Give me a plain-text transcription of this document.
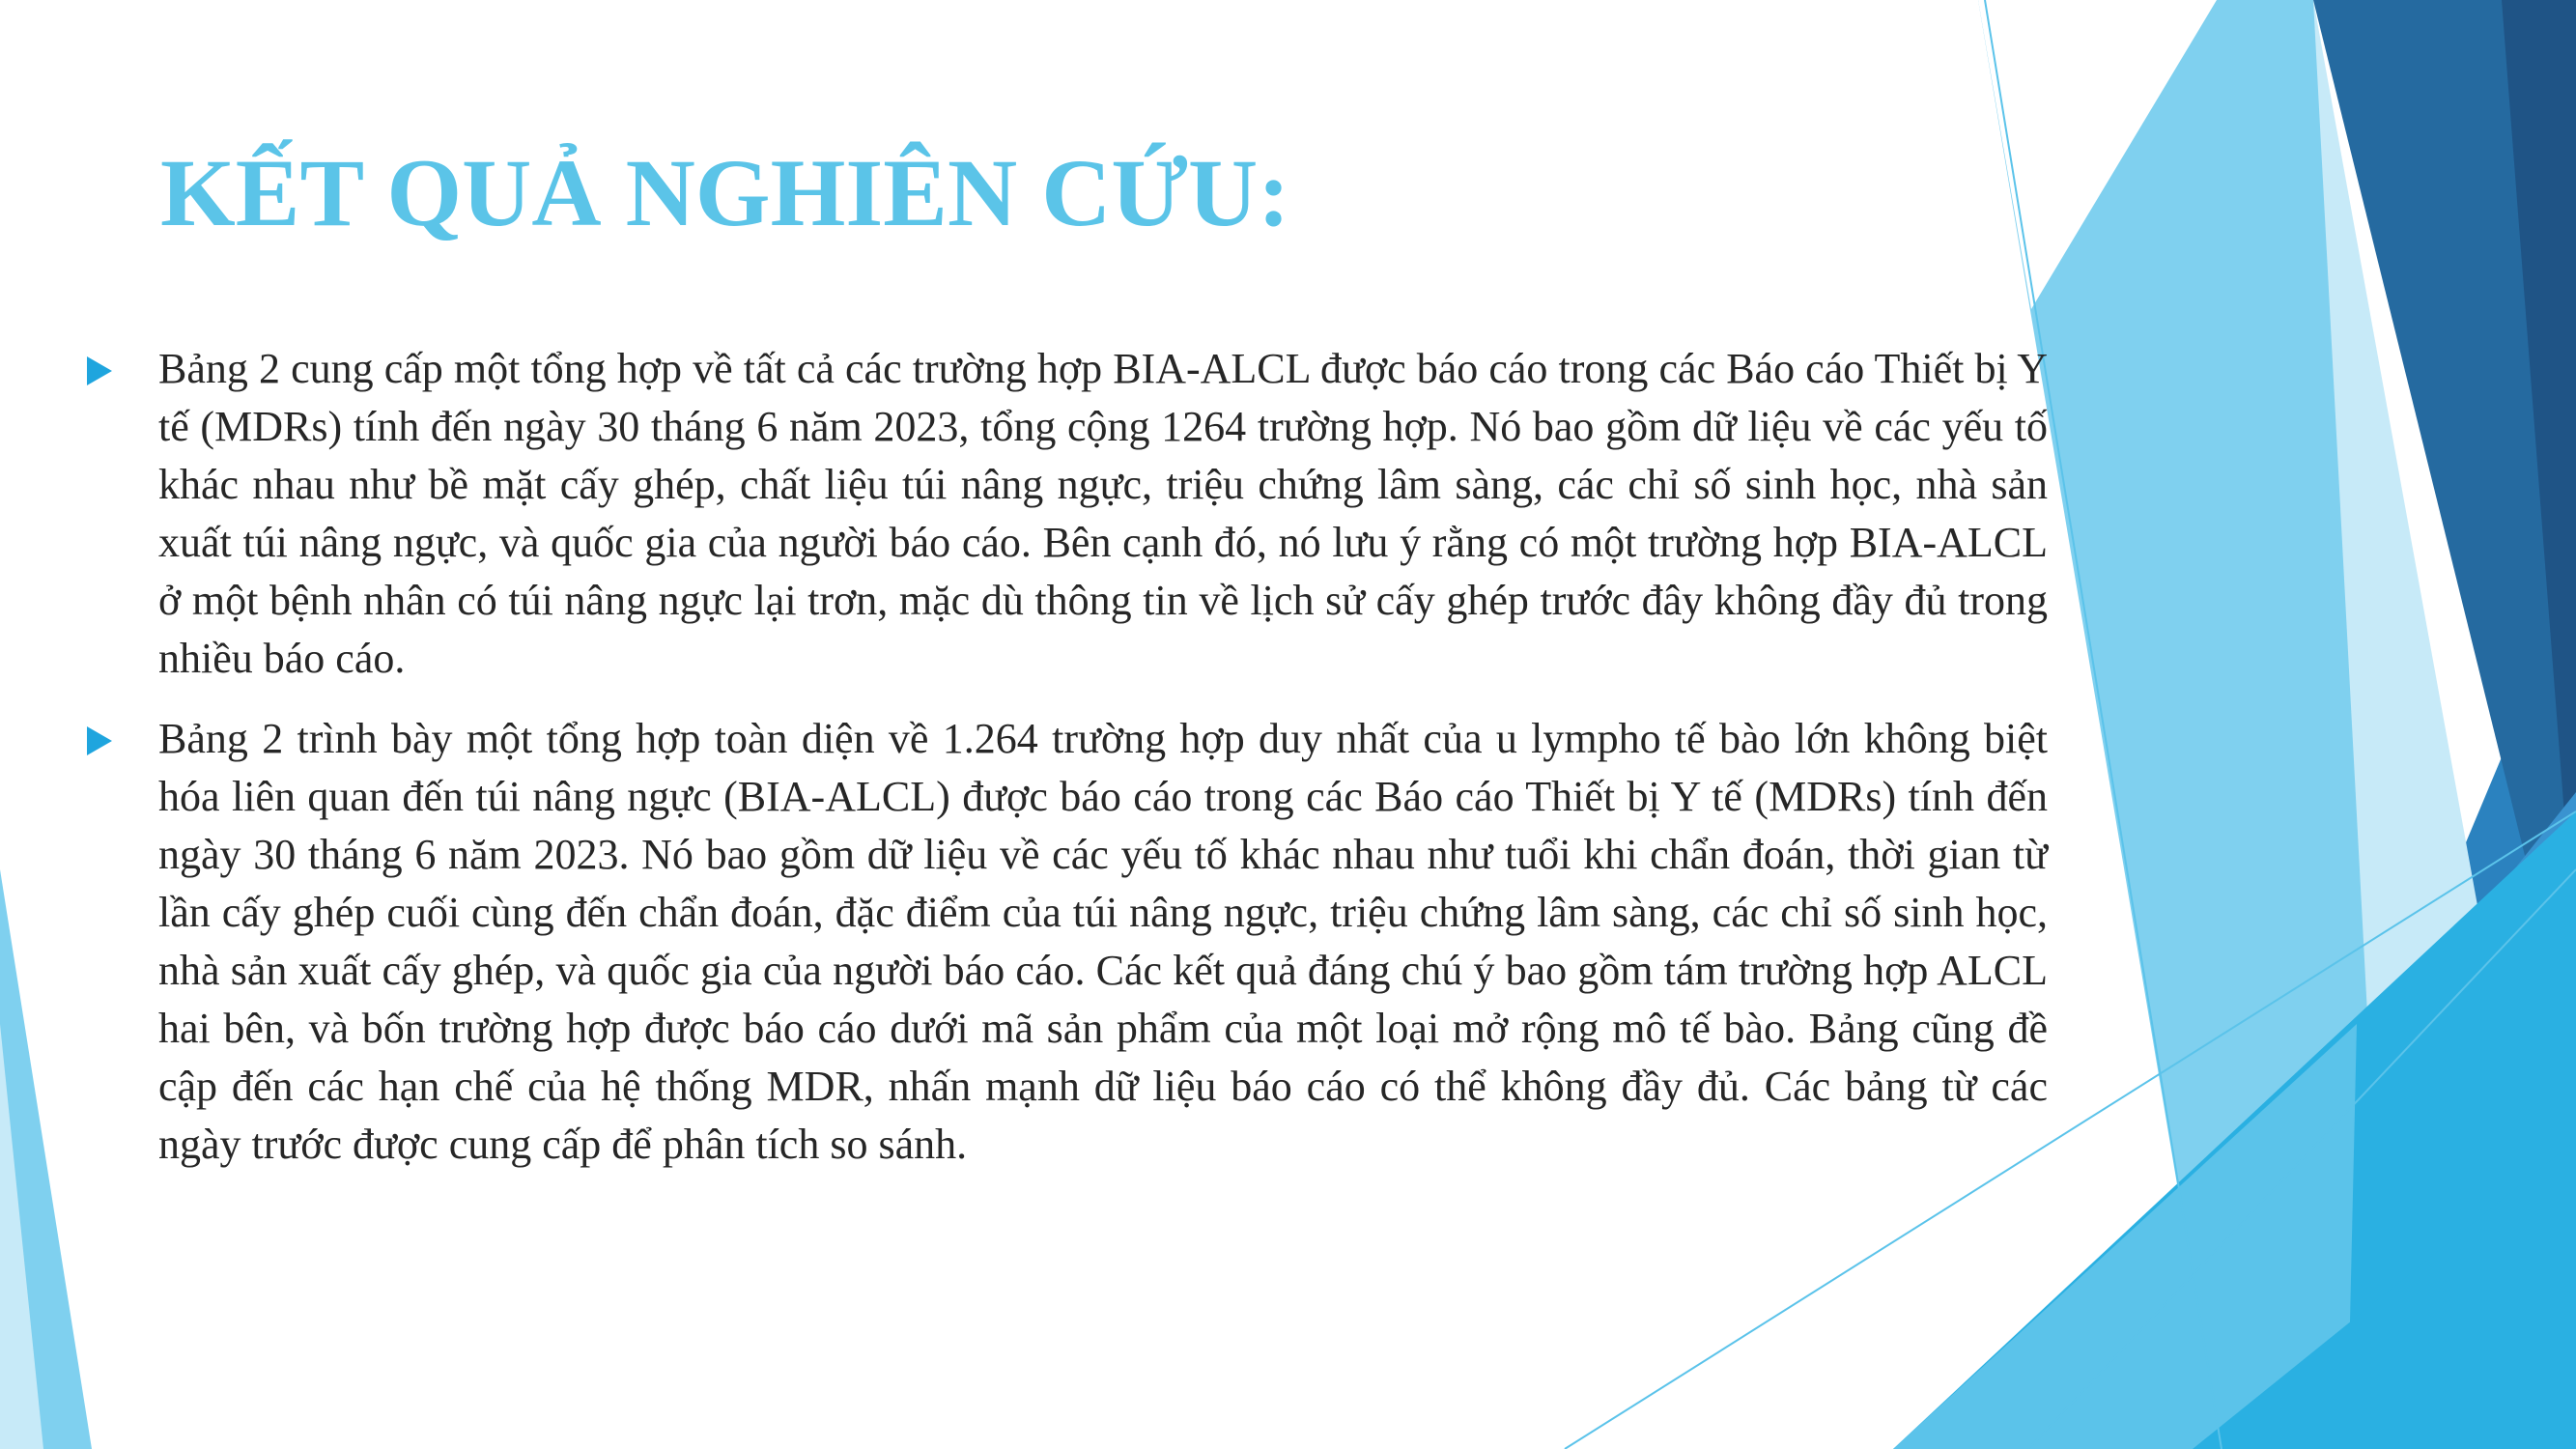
KẾT QUẢ NGHIÊN CỨU:

Bảng 2 cung cấp một tổng hợp về tất cả các trường hợp BIA-ALCL được báo cáo trong các Báo cáo Thiết bị Y tế (MDRs) tính đến ngày 30 tháng 6 năm 2023, tổng cộng 1264 trường hợp. Nó bao gồm dữ liệu về các yếu tố khác nhau như bề mặt cấy ghép, chất liệu túi nâng ngực, triệu chứng lâm sàng, các chỉ số sinh học, nhà sản xuất túi nâng ngực, và quốc gia của người báo cáo. Bên cạnh đó, nó lưu ý rằng có một trường hợp BIA-ALCL ở một bệnh nhân có túi nâng ngực lại trơn, mặc dù thông tin về lịch sử cấy ghép trước đây không đầy đủ trong nhiều báo cáo.

Bảng 2 trình bày một tổng hợp toàn diện về 1.264 trường hợp duy nhất của u lympho tế bào lớn không biệt hóa liên quan đến túi nâng ngực (BIA-ALCL) được báo cáo trong các Báo cáo Thiết bị Y tế (MDRs) tính đến ngày 30 tháng 6 năm 2023. Nó bao gồm dữ liệu về các yếu tố khác nhau như tuổi khi chẩn đoán, thời gian từ lần cấy ghép cuối cùng đến chẩn đoán, đặc điểm của túi nâng ngực, triệu chứng lâm sàng, các chỉ số sinh học, nhà sản xuất cấy ghép, và quốc gia của người báo cáo. Các kết quả đáng chú ý bao gồm tám trường hợp ALCL hai bên, và bốn trường hợp được báo cáo dưới mã sản phẩm của một loại mở rộng mô tế bào. Bảng cũng đề cập đến các hạn chế của hệ thống MDR, nhấn mạnh dữ liệu báo cáo có thể không đầy đủ. Các bảng từ các ngày trước được cung cấp để phân tích so sánh.
